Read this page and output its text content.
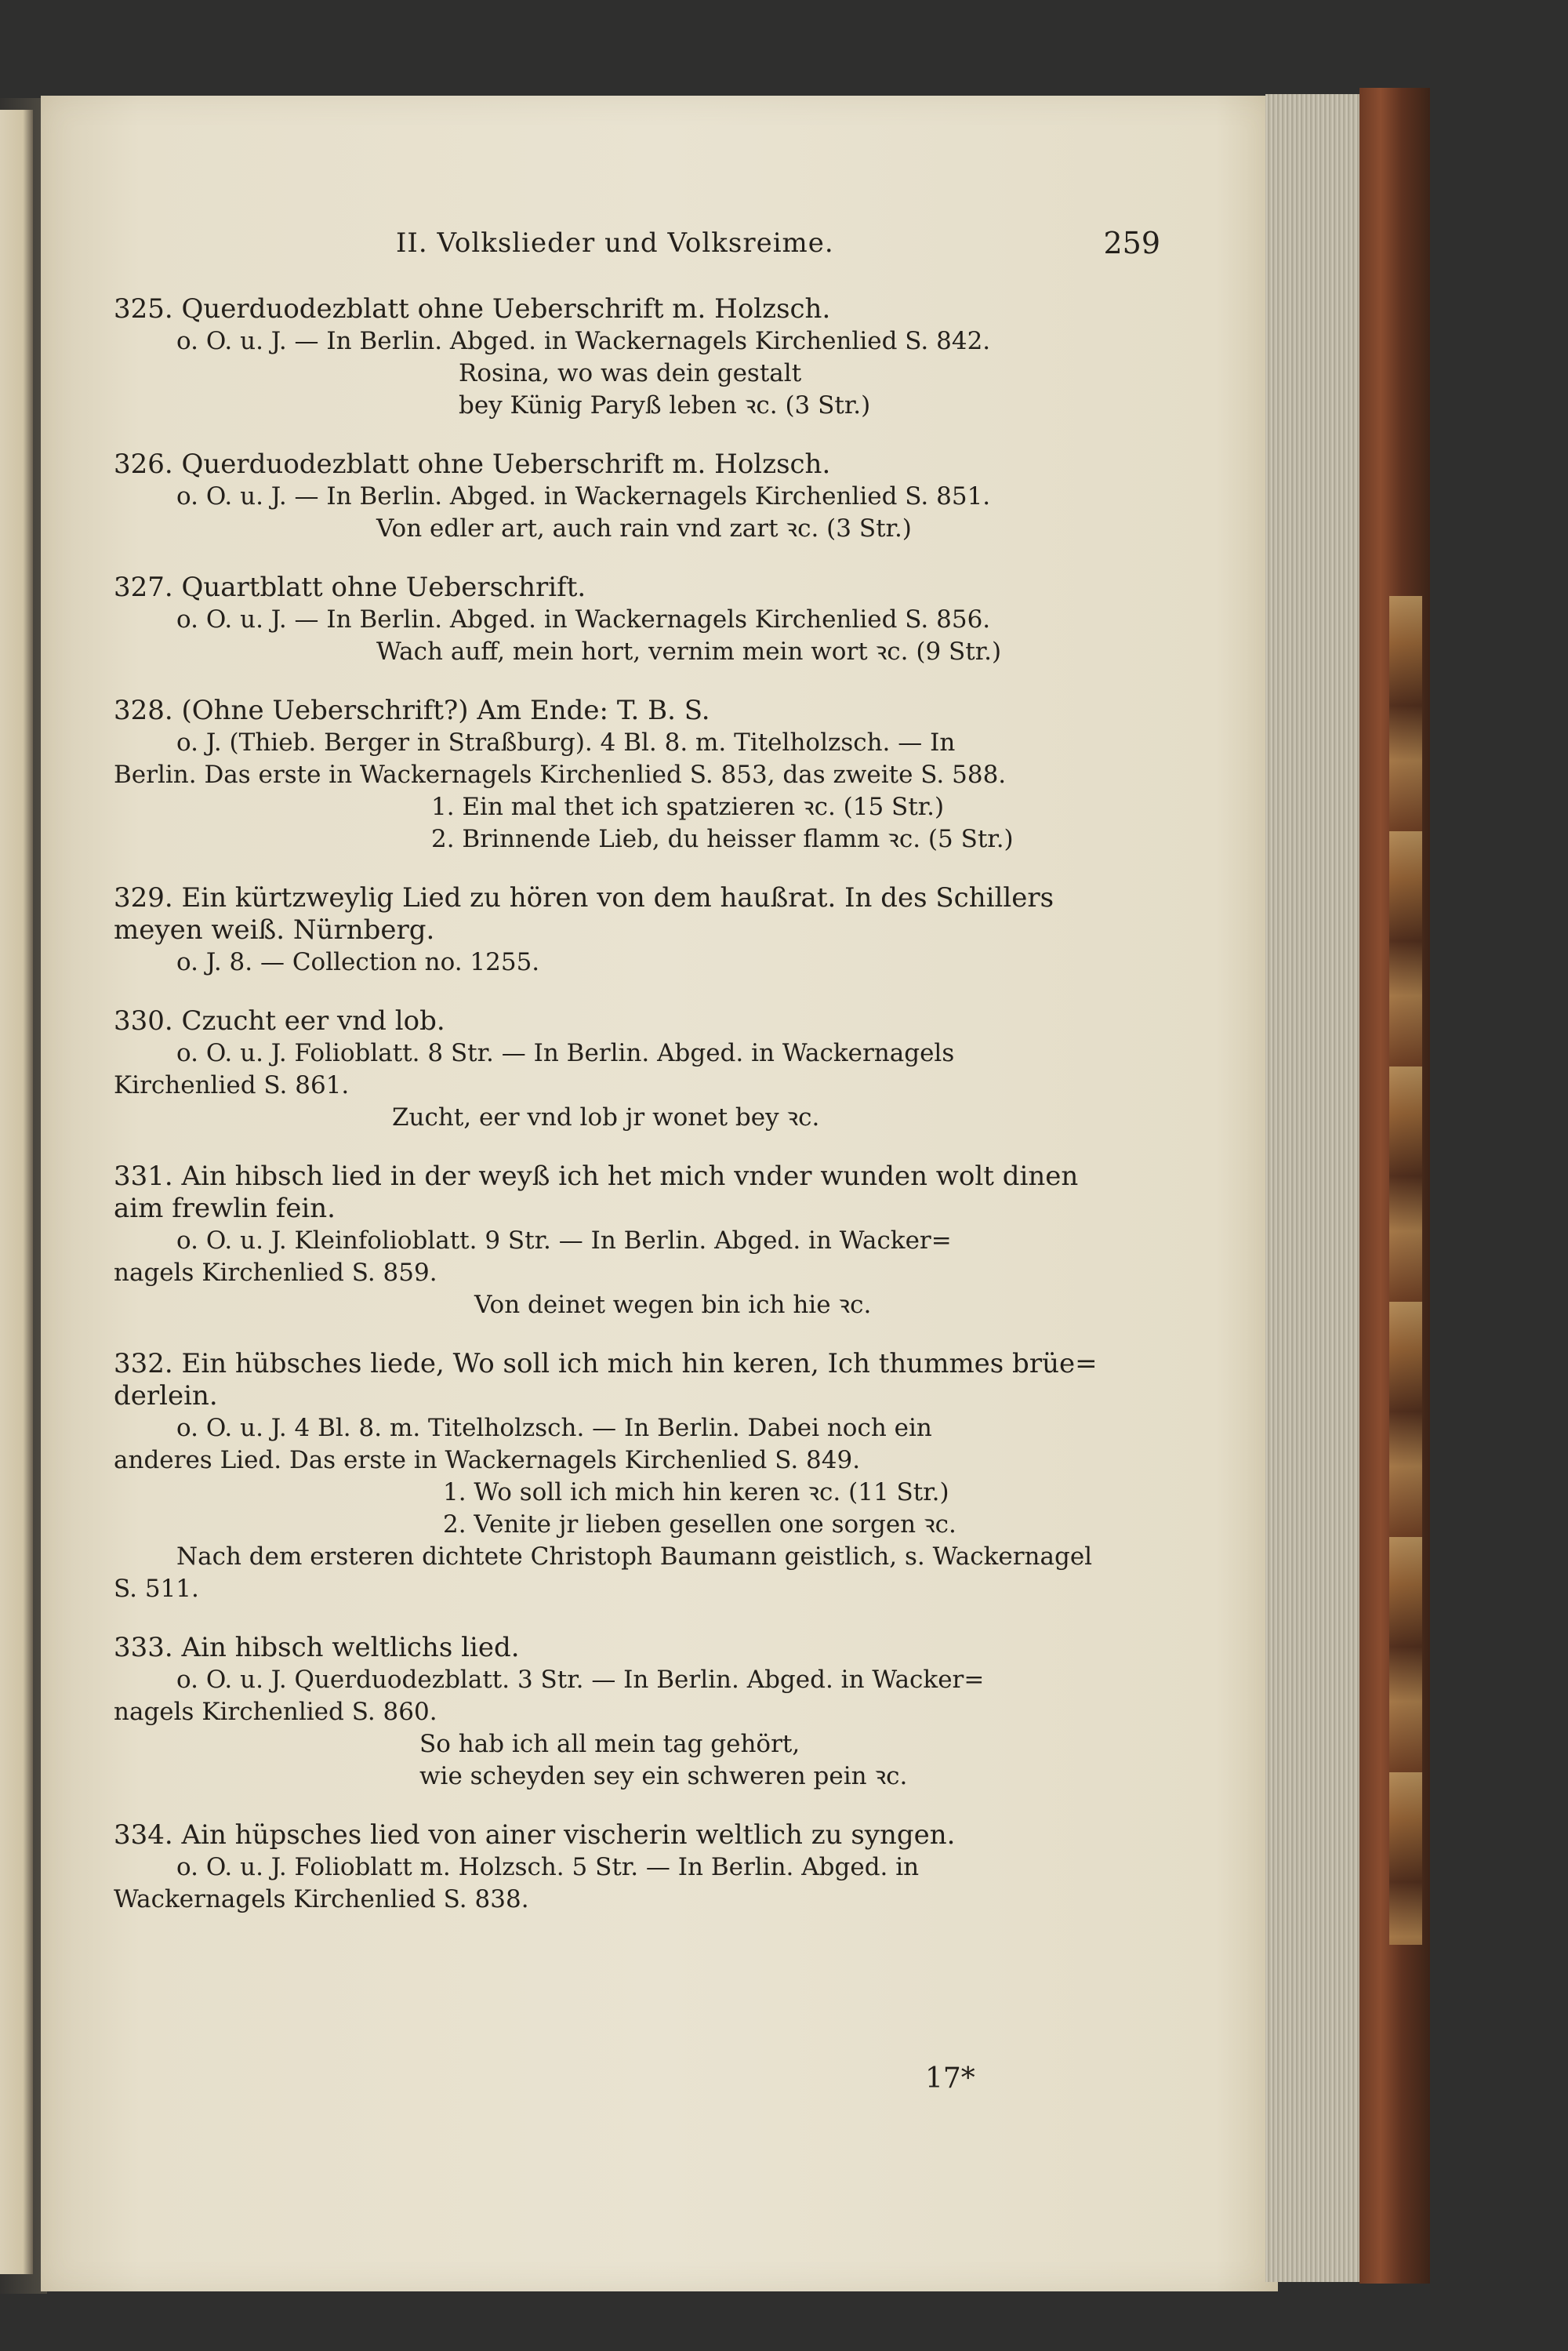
II. Volkslieder und Volksreime.	259
325. Querduodezblatt ohne Ueberschrift m. Holzsch.
o. O. u. J. — In Berlin. Abged. in Wackernagels Kirchenlied S. 842.
Rosina, wo was dein gestalt
bey Künig Paryß leben ꝛc. (3 Str.)
326. Querduodezblatt ohne Ueberschrift m. Holzsch.
o. O. u. J. — In Berlin. Abged. in Wackernagels Kirchenlied S. 851.
Von edler art, auch rain vnd zart ꝛc. (3 Str.)
327. Quartblatt ohne Ueberschrift.
o. O. u. J. — In Berlin. Abged. in Wackernagels Kirchenlied S. 856.
Wach auff, mein hort, vernim mein wort ꝛc. (9 Str.)
328. (Ohne Ueberschrift?) Am Ende: T. B. S.
o. J. (Thieb. Berger in Straßburg). 4 Bl. 8. m. Titelholzsch. — In
Berlin. Das erste in Wackernagels Kirchenlied S. 853, das zweite S. 588.
1. Ein mal thet ich spatzieren ꝛc. (15 Str.)
2. Brinnende Lieb, du heisser flamm ꝛc. (5 Str.)
329. Ein kürtzweylig Lied zu hören von dem haußrat. In des Schillers
meyen weiß. Nürnberg.
o. J. 8. — Collection no. 1255.
330. Czucht eer vnd lob.
o. O. u. J. Folioblatt. 8 Str. — In Berlin. Abged. in Wackernagels
Kirchenlied S. 861.
Zucht, eer vnd lob jr wonet bey ꝛc.
331. Ain hibsch lied in der weyß ich het mich vnder wunden wolt dinen
aim frewlin fein.
o. O. u. J. Kleinfolioblatt. 9 Str. — In Berlin. Abged. in Wacker=
nagels Kirchenlied S. 859.
Von deinet wegen bin ich hie ꝛc.
332. Ein hübsches liede, Wo soll ich mich hin keren, Ich thummes brüe=
derlein.
o. O. u. J. 4 Bl. 8. m. Titelholzsch. — In Berlin. Dabei noch ein
anderes Lied. Das erste in Wackernagels Kirchenlied S. 849.
1. Wo soll ich mich hin keren ꝛc. (11 Str.)
2. Venite jr lieben gesellen one sorgen ꝛc.
Nach dem ersteren dichtete Christoph Baumann geistlich, s. Wackernagel
S. 511.
333. Ain hibsch weltlichs lied.
o. O. u. J. Querduodezblatt. 3 Str. — In Berlin. Abged. in Wacker=
nagels Kirchenlied S. 860.
So hab ich all mein tag gehört,
wie scheyden sey ein schweren pein ꝛc.
334. Ain hüpsches lied von ainer vischerin weltlich zu syngen.
o. O. u. J. Folioblatt m. Holzsch. 5 Str. — In Berlin. Abged. in
Wackernagels Kirchenlied S. 838.
17*
